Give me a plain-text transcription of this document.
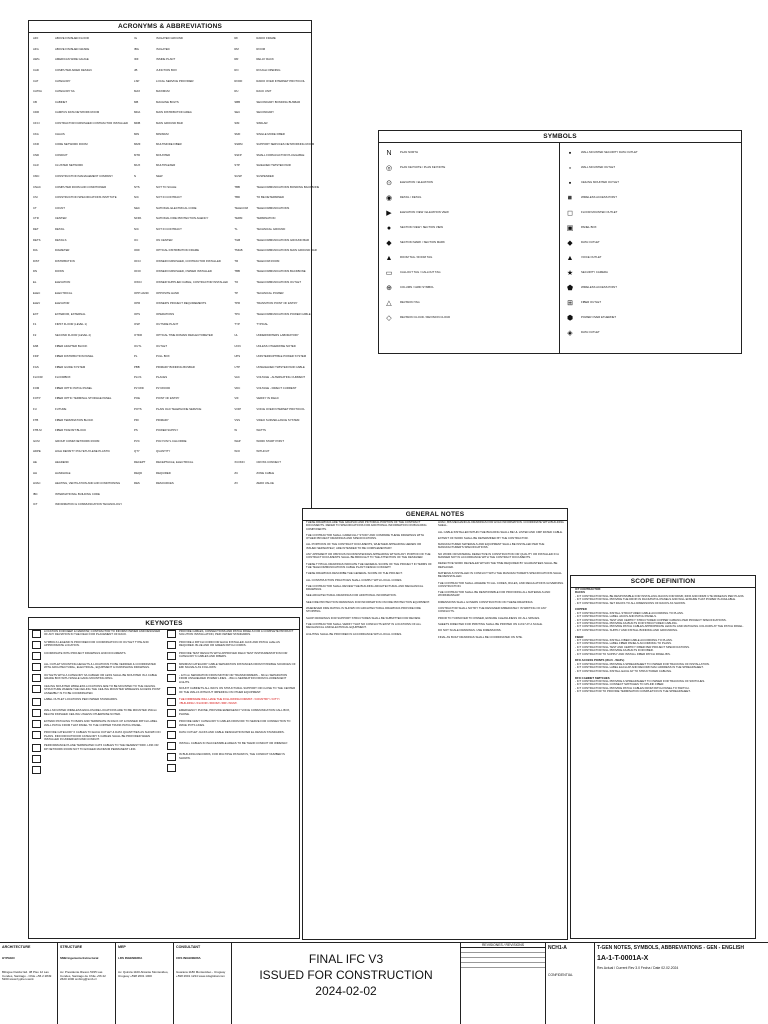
ACRONYMS & ABBREVIATIONS
AFF	ABOVE FINISHED FLOOR
AFG	ABOVE FINISHED GRADE
AWG	AMERICAN WIRE GAUGE
CAD	COMPUTER AIDED DESIGN
CAT	CATEGORY
CAT6A	CATEGORY 6A
CB	CABINET
CDR	CAMPUS DATA NETWORK ROOM
CFCI	CONTRACTOR FURNISHED CONTRACTOR INSTALLED
CKA	CHAUS
CKR	CORE NETWORK ROOM
CND	CONDUIT
CLR	CLUSTER NETWORK
CMC	CONSTRUCTION MANAGEMENT COMPANY
CNAC	COMPUTER ROOM AIR CONDITIONER
CSI	CONSTRUCTION SPECIFICATIONS INSTITUTE
CT	COUNT
CTR	CENTER
DET	DETAIL
DETS	DETAILS
DIA	DIAMETER
DIST	DISTRIBUTION
DN	DOWN
EL	ELEVATION
ELEC	ELECTRICAL
ELEV	ELEVATOR
EXT	EXTERIOR, EXTERNAL
F1	FIRST FLOOR (LEVEL 1)
F2	SECOND FLOOR (LEVEL 2)
FAB	FIBER ADAPTER BLOCK
FDP	FIBER DISTRIBUTION PANEL
FGS	FIBER GUIDE SYSTEM
FLOOR	FLOORBOX
FOM	FIBER OPTIC PATCH PANEL
FOTP	FIBER OPTIC TERMINAL STORAGE PANEL
FU	FUTURE
FTB	FIBER TERMINATION BLOCK
FTB-M	FIBER TRANSIT BLOCK
GCM	GROUP COMM NETWORK ROOM
HDPE	HIGH DENSITY POLYETHYLENE PLASTIC
HE	HEADEND
HH	HANDHOLE
HVAC	HEATING, VENTILATION AND AIR CONDITIONING
IBC	INTERNATIONAL BUILDING CODE
ICT	INFORMATION & COMMUNICATION TECHNOLOGY
IG	ISOLATED GROUND
IBG	ISOLATED
IDF	INSIDE PLANT
JB	JUNCTION BOX
LSP	LOCAL SERVICE PROVIDER
MAX	MAXIMUM
MB	MACHINE BOLTS
MDA	MAIN DISTRIBUTION AREA
MDB	MAIN GROUND BAR
MIN	MINIMUM
MMF	MULTIMODE FIBER
MTD	MOUNTED
MUX	MULTIPLEXER
N	NEW
NTS	NOT TO SCALE
NIC	NOT IN CONTRACT
NEC	NATIONAL ELECTRICAL CODE
NFPA	NATIONAL FIRE PROTECTION AGENCY
NIC	NOT IN CONTRACT
OC	ON CENTER
ODF	OPTICAL DISTRIBUTION FRAME
OFCI	OWNER FURNISHED, CONTRACTOR INSTALLED
OFOI	OWNER FURNISHED, OWNER INSTALLED
OWCI	OWNER SUPPLIED CABLE, CONTRACTOR INSTALLED
OPP HAND	OPPOSITE HAND
OPR	OWNER'S PROJECT REQUIREMENTS
OPS	OPERATIONS
OSP	OUTSIDE PLANT
OTDR	OPTICAL TIME DOMAIN REFLECTOMETER
OUTL	OUTLET
PL	PULL BOX
PBB	PRIMARY BONDING BUSBAR
PLCS	PLACES
PLYWD	PLYWOOD
POE	POINT OF ENTRY
POTS	PLAIN OLD TELEPHONE SERVICE
PRI	PRIMARY
PS	POWER SUPPLY
PVC	POLYVINYL CHLORIDE
QTY	QUANTITY
RECEPT	RECEPTACLE, ELECTRICAL
REQD	REQUIRED
RES	RESOURCES
RF	RADIO FRAME
RM	ROOM
RR	RELAY RACK
RO	ROUGH OPENING
RODF	RADIO OVER INTERNET PROTOCOL
RU	RACK UNIT
SBB	SECONDARY BONDING BUSBAR
SEC	SECONDARY
SIM	SIMILAR
SMF	SINGLE MODE FIBER
SSRM	SUPPORT SERVICES NETWORKING ROOM
SSFP	SMALL FORM-FACTOR PLUGGABLE
STP	SHIELDED TWISTED PAIR
SUSP	SUSPENDED
TBB	TELECOMMUNICATIONS BONDING BACKBONE
TBD	TO BE DETERMINED
TELECOM	TELECOMMUNICATIONS
TERM	TERMINATION
TL	TECHNICAL GROUND
TGB	TELECOMMUNICATIONS GROUND BAR
TMGB	TELECOMMUNICATIONS MAIN GROUND BAR
TR	TELECOM ROOM
TBB	TELECOMMUNICATIONS BACKBONE
TO	TELECOMMUNICATIONS OUTLET
TP	TECHNICAL POWER
TPR	TRANSITION POINT OF ENTRY
TPC	TELECOMMUNICATIONS POWER CABLE
TYP	TYPICAL
UL	UNDERWRITERS LABORATORY
UON	UNLESS OTHERWISE NOTED
UPS	UNINTERRUPTIBLE POWER SYSTEM
UTP	UNSHIELDED TWISTED PAIR CABLE
VAC	VOLTAGE - ALTERNATING CURRENT
VDC	VOLTAGE - DIRECT CURRENT
VIF	VERIFY IN FIELD
VOIP	VOICE OVER INTERNET PROTOCOL
VSS	VIDEO SURVEILLANCE SYSTEM
W	WATTS
WAP	WORK START POINT
W/O	WITHOUT
XCONN	CROSS CONNECT
ZC	ZONE CABLE
ZV	ZERO VALUE
KEYNOTES
LOCATION FOR DEEP & NARROW, CONTRACTOR TO INFORM OWNER AND DESIGNER OF ANY DEVIATION IN THE FIELD FOR PLACEMENT OF RACK.
SYMBOLS LEGEND IS PROVIDED FOR COORDINATION OF OUTLET TYPE AND APPROXIMATE LOCATION.
COORDINATE WITH PROJECT DRAWINGS AND DOCUMENTS.
ALL OUTLET MOUNTING HEIGHTS & LOCATIONS TO BE VERIFIED & COORDINATED WITH ARCHITECTURAL, ELECTRICAL, EQUIPMENT & FURNISHING DRAWINGS.
OUTLETS WITH A CATEGORY 6A CABLED OR LESS SHALL BE MOUNTED IN A CABLE GRADE BOX WITH SINGLE GANG MOUNTING RING.
CEILING MOUNTED WIRELESS LOCATIONS ARE TO BE MOUNTED TO THE CEILING STRUCTURE WHERE THE CEILING THE CEILING MOUNTED WIRELESS ACCESS POINT ASSEMBLY IS TO BE COORDINATED.
LABEL OUTLET LOCATIONS PER OWNER STANDARDS.
WALL MOUNTED WIRELESS ENCLOSURE LOCATIONS ARE TO BE MOUNTED 150mm BELOW FINISHED CEILING UNLESS OTHERWISE NOTED.
EXTEND PATCHING TO BARS AND TERMINATE IN RACK CP & PANNED PATCH LABEL WALL PATCH FROM THAT PANEL TO THE COPPER TRUNK PATCH PANEL.
PROVIDE CATEGORY 6 CABLES TO EACH OUTLET & DATA QUANTITIES AS SHOWN ON PLANS. INDOOR/OUTDOOR CATEGORY 6 CABLES SHALL BE PROVIDED WHEN INSTALLED IN UNDERGROUND CONDUIT.
PERFORMANCE PLANE TERMINATED CAT6 CABLES TO THE NEAREST 50FF. LINK OR DP NETWORK ROOM NOT TO EXCEED MAXIMUM PERMANENT LINK.
PROVIDE CABLES, CONNECTIONS AND PATCH PANELS FOR A COMPLETE PRODUCT SOLUTION INSTALLATION, PER OWNER STANDARDS.
PROVIDE A PATCH CORD FOR EACH INSTALLED JACK AND PATCH cable AS REQUIRED. BLUE AND OR GREEN PATCH CORDS.
PROVIDE TEST RESULTS WITH APPROVED FIELD TEST INSTRUMENTATION FOR CATEGORY 6 CABLES AND FIBERS.
MINIMUM CATEGORY CABLE SEPARATION DISTANCES FROM POSSIBLE SOURCES OF EMI SIGNALS AS FOLLOWS:
- 127mm SEPARATION FROM MOTOR OR TRANSFORMERS. - 60mm SEPARATION FROM UNSHIELDED POWER LINES. - 80mm SEPARATION FROM FLUORESCENT LIGHTS.
MOUNT CABINETS ALL WAYS ON STRUCTURAL SUPPORT OR CLOSE TO THE CENTER OF THE WALLS WITHOUT IMPEDING ON OTHER EQUIPMENT.
THE FIRMWARE WILL HAVE THE FOLLOWING FORMAT: <COUNTRY><CITY><BUILDING><FLOOR><ROOM><RR><NUM>
EMERGENCY PHONE, PROVIDE EMERGENCY VOICE COMMUNICATION CALL BOX, PHONE.
PROVIDE GREY CATEGORY 6 CABLES FROM IDF TO SERVE FOR CONNECTION TO WAVE POTS LINES.
DATA OUTLET JACKS AND CABLE DESIGNATION PER EL DESIGN STANDARDS.
INSTALL CABLES IN INACCESSIBLE AREAS TO BE THEIR CONDUIT OR WIREWAY.
IN BUILDING RECORDS, FOR MULTIPLE PATHWAYS, THE CONDUIT NUMBER IS SHOWN.
SYMBOLS
N	PLAN NORTH
◎	PLAN KEYNOTE / PLAN KEYNOTE
⊙	ELEVATION / ELEVATION
◉	DETAIL / DETAIL
▶	ELEVATION VIEW / ELEVATION VIEW
●	SECTION VIEW / SECTION VIEW
◆	SECTION MARK / SECTION MARK
▲	ROOM TAG / ROOM TAG
▭	CALLOUT TAG / CALLOUT TAG
⊕	COLUMN / GRID SYMBOL
△	REVISION TAG
◇	REVISION CLOUD / REVISION CLOUD
▪	WALL MOUNTED SECURITY DATA OUTLET
▫	WALL MOUNTED OUTLET
▪	CEILING MOUNTED OUTLET
◾	WIRELESS ACCESS POINT
◻	FLOOR MOUNTED OUTLET
▣	PANEL BOX
◆	DATA OUTLET
▲	VOICE OUTLET
★	SECURITY CAMERA
⬟	WIRELESS ACCESS POINT
⊞	FIBER OUTLET
⬢	POWER OVER ETHERNET
◈	DATA OUTLET
GENERAL NOTES
THESE DRAWINGS ARE THE GRAPHIC AND PICTORIAL PORTION OF THE CONTRACT DOCUMENTS. REFER TO SPECIFICATIONS FOR ADDITIONAL INFORMATION ON BUILDING COMPONENTS.
THE CONTRACTOR SHALL CAREFULLY STUDY AND COMPARE THESE DRAWINGS WITH OTHER PROJECT DRAWINGS AND SPECIFICATIONS.
ALL PORTIONS OF THE CONTRACT DOCUMENTS, WHETHER APPEARING HEREIN OR ISSUED SEPARATELY, ARE INTENDED TO BE COMPLEMENTARY.
ANY APPARENT OR OBVIOUS INCONSISTENCIES APPEARING WITHIN ANY PORTION OF THE CONTRACT DOCUMENTS SHALL BE BROUGHT TO THE ATTENTION OF THE DESIGNER.
THESE TYPICAL DRAWINGS INDICATE THE GENERAL SCOPE OF THE PROJECT IN TERMS OF THE TELECOMMUNICATIONS CABLE PLANT DESIGN CONCEPT.
THESE DRAWINGS DESCRIBE THE GENERAL SCOPE OF THE PROJECT.
ALL CONSTRUCTION PRACTICES SHALL COMPLY WITH LOCAL CODES.
THE CONTRACTOR SHALL REVIEW THE BUILDING ARCHITECTURAL AND MECHANICAL DRAWINGS.
SEE ARCHITECTURAL DRAWINGS FOR ADDITIONAL INFORMATION.
SEE FIRE PROTECTION DRAWINGS FOR INFORMATION ON FIRE PROTECTION EQUIPMENT.
WHENEVER FIRE RATING IS SHOWN ON ARCHITECTURAL DRAWINGS PROVIDE FIRE STOPPING.
SHOP DRAWINGS FOR SUPPORT STRUCTURES SHALL BE SUBMITTED FOR REVIEW.
THE CONTRACTOR SHALL VERIFY THAT NO CONFLICTS EXIST IN LOCATIONS OF ALL MECHANICAL AND ELECTRICAL EQUIPMENT.
LIGHTING SHALL BE PROVIDED IN ACCORDANCE WITH LOCAL CODES.
HVAC, BIS MECHANICAL DRAWINGS FOR HVAC INFORMATION. COORDINATE WITH BUILDING SHELL.
ALL CABLE INSTALLED WITHIN THE BUILDING SHALL BE UL LISTED AND CMP RATED CABLE.
EXTENT OF WORK SHALL BE DETERMINED BY THE CONTRACTOR.
MANUFACTURED MATERIALS AND EQUIPMENT SHALL BE INSTALLED PER THE MANUFACTURER'S SPECIFICATIONS.
NO WORK OR MATERIAL DEFECTIVE IN CONSTRUCTION OR QUALITY OR INSTALLED IN A MANNER NOT IN ACCORDANCE WITH THE CONTRACT DOCUMENTS.
DEFECTIVE WORK REVEALED WITHIN THE TIME REQUIRED BY GUARANTEES SHALL BE REPLACED.
MATERIALS INSTALLED IN CONFLICT WITH THE MANUFACTURER'S SPECIFICATIONS SHALL BE REINSTALLED.
THE CONTRACTOR SHALL ADHERE TO ALL CODES, RULES, AND REGULATIONS GOVERNING CONSTRUCTION.
THE CONTRACTOR SHALL BE RESPONSIBLE FOR PROVIDING ALL MATERIALS AND WORKMANSHIP.
DIMENSIONS SHALL GOVERN CONSTRUCTION ON THESE DRAWINGS.
CONTRACTOR SHALL NOTIFY THE DESIGNER IMMEDIATELY IN WRITING OF ANY CONFLICTS.
PRIOR TO TURNOVER TO OWNER, ENSURE CLEANLINESS OF ALL SPACES.
SHEETS DIRECTED FOR PRINTING SHALL BE PRINTED ON 11X17 AT A SCALE.
DO NOT SCALE DRAWINGS. USE DIMENSIONS.
FINAL AS BUILT DRAWINGS SHALL BE COORDINATED ON SITE.
SCOPE DEFINITION
ICT CONTRACTOR:
RACKS
- ICT CONTRACTOR WILL BE RESPONSIBLE FOR INSTALLING RACKS FOR DDMF, IDFR AND DDMF UTE RR&EXAS PER PLANS.
- ICT CONTRACTOR WILL PROVIDE THE DROP-IN RACK/PATCH PANELS AND WILL ENSURE THAT POWER IS AVAILABLE.
- ICT CONTRACTOR WILL SET RACKS TO ALL DIMENSIONS OF RACKS AS SHOWN.
COPPER
- ICT CONTRACTOR WILL INSTALL STRUCTURED CABLE ACCORDING TO PLANS.
- ICT CONTRACTOR WILL LABEL JACKS AND PATCH PANELS.
- ICT CONTRACTOR WILL TEST AND CERTIFY STRUCTURED COPPER CABLING PER PROJECT SPECIFICATIONS.
- ICT CONTRACTOR WILL PROVIDE AS-BUILTS FOR STRUCTURED CABLING.
- ICT CONTRACTOR WILL PROVIDE PATCH CABLES APPROPRIATE LENGTH AND MATCHING COLOURS AT THE PATCH PANEL.
- ICT CONTRACTOR WILL SUPPLY AND INSTALL BONDING AND GROUNDING.
FIBER
- ICT CONTRACTOR WILL INSTALL FIBER CABLE ACCORDING TO PLANS.
- ICT CONTRACTOR WILL LABEL FIBER PANELS ACCORDING TO PLANS.
- ICT CONTRACTOR WILL TEST AND CERTIFY FIBER PER PROJECT SPECIFICATIONS.
- ICT CONTRACTOR WILL PROVIDE AS-BUILTS FOR FIBER.
- ICT CONTRACTOR TO SUPPLY AND INSTALL FIBER PATCH PANEL BIS.
DFO ACCESS POINTS (Wi-Fi - WAPs)
- ICT CONTRACTOR WILL PROVIDE A SPREADSHEET TO OWNER FOR TRACKING OF INSTALLATION.
- ICT CONTRACTOR WILL LABEL EACH AP AND RECORD MAC ADDRESS IN THE SPREADSHEET.
- ICT CONTRACTOR WILL INSTALL EACH AP TO STRUCTURED CABLING.
DFO CABINET SWITCHES
- ICT CONTRACTOR WILL PROVIDE A SPREADSHEET TO OWNER FOR TRACKING OF SWITCHES.
- ICT CONTRACTOR WILL CONNECT SWITCHES TO UPLINK FIBER.
- ICT CONTRACTOR WILL PROVIDE PATCH CABLES FROM PATCH PANEL TO SWITCH.
- ICT CONTRACTOR TO PROVIDE TERMINATION COMPLETION IN THE SPREADSHEET.
ARCHITECTURE
HYPHEN
Bilingue Fieldor Ed. 38 Piso 12 Las Condes, Santiago - Chile +56 2 2849 5200 www.hyphen.work
STRUCTURE
SMB Ingenieria Estructural
Av. Presidente Riesco 5335 Las Condes, Santiago de Chile +56 22 2620 1000 smbing@smb.cl
MEP
LDS INGENIERIA
Av. Quirola 1100 Alicante Montevideo, Uruguay +598 2601 1000
CONSULTANT
CDS INGENIERIA
Guarana 1180 Montevideo - Uruguay +598 2601 1234 www.cdsglobal.com
FINAL IFC V3
ISSUED FOR CONSTRUCTION
2024-02-02
REVISIONES / REVISIONS	NCH1-A
CONFIDENTIAL
T-GEN NOTES, SYMBOLS, ABBREVIATIONS - GEN - ENGLISH
1A-1-T-0001A-X
Rev Actual / Current Rev 3.0 Fecha / Date 02.02.2024
